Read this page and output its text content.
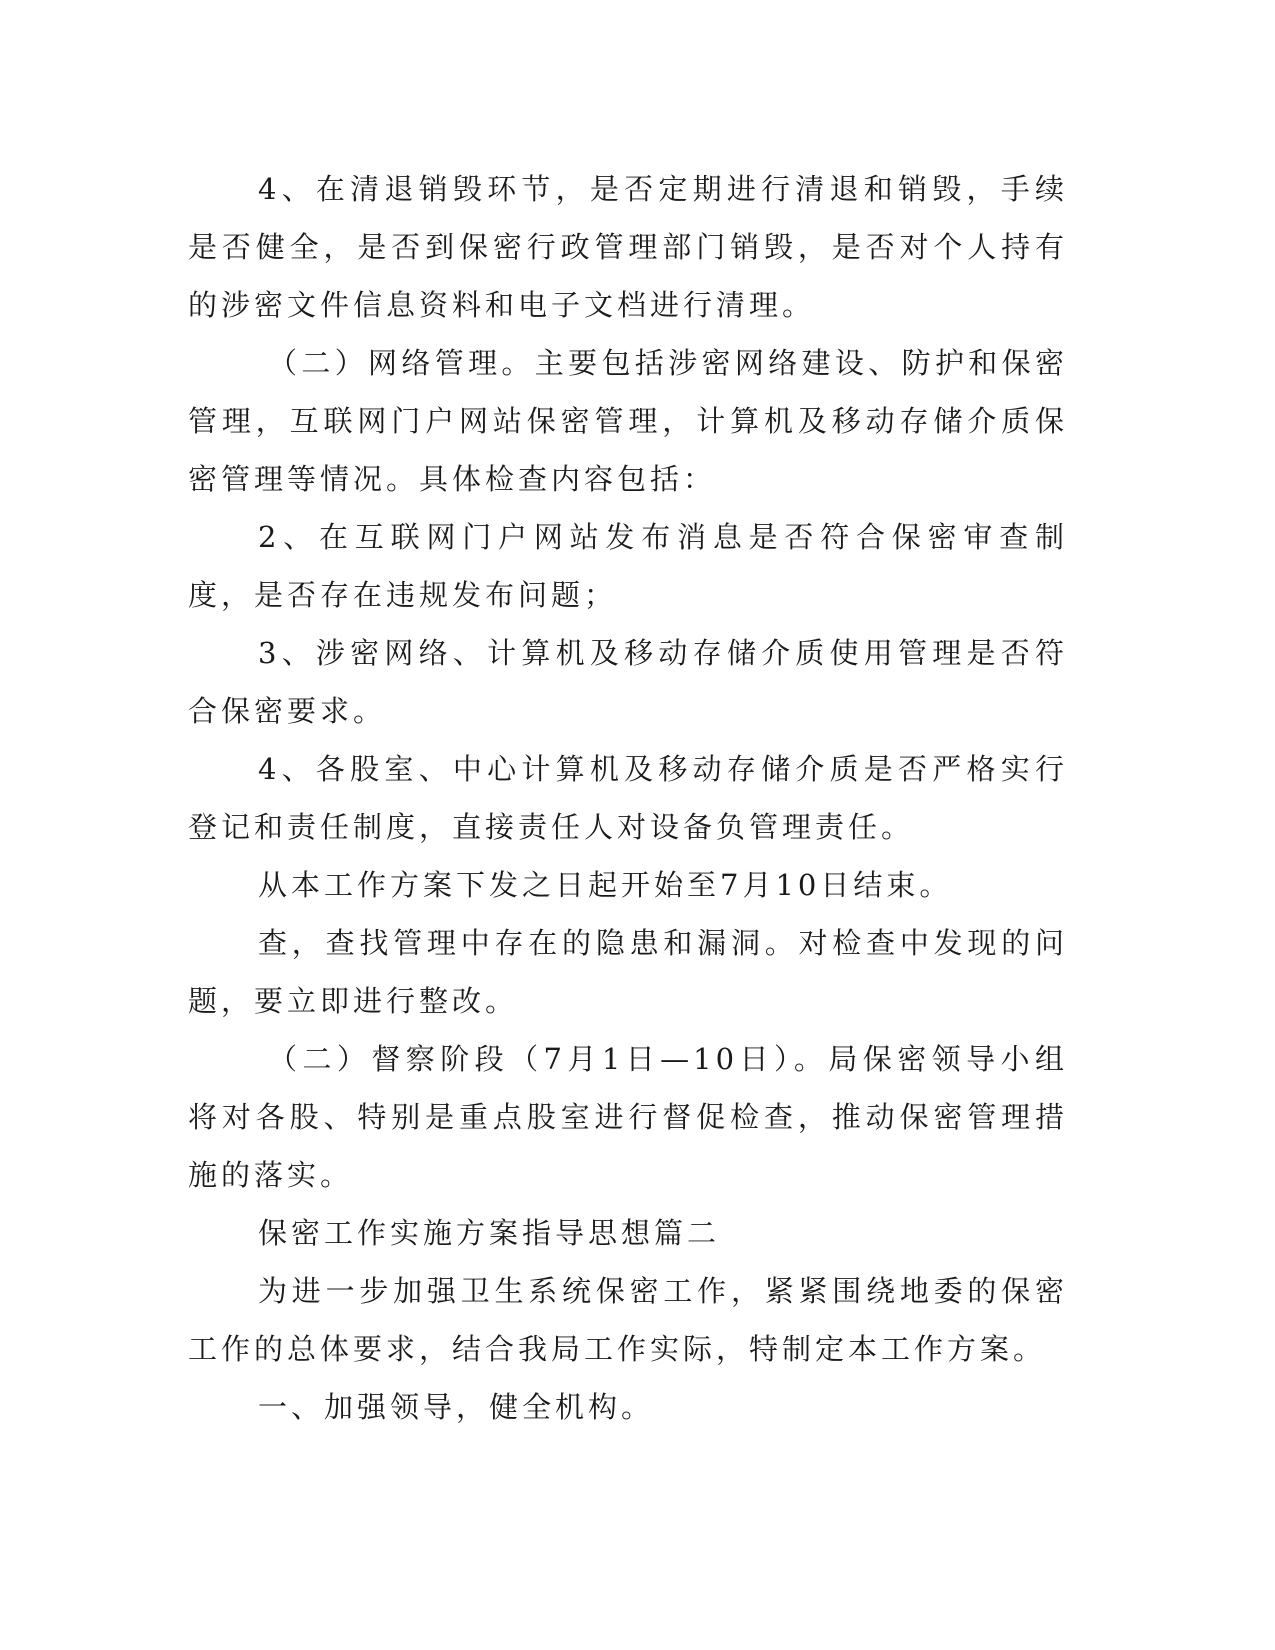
4、在清退销毁环节，是否定期进行清退和销毁，手续是否健全，是否到保密行政管理部门销毁，是否对个人持有的涉密文件信息资料和电子文档进行清理。

（二）网络管理。主要包括涉密网络建设、防护和保密管理，互联网门户网站保密管理，计算机及移动存储介质保密管理等情况。具体检查内容包括：

2、在互联网门户网站发布消息是否符合保密审查制度，是否存在违规发布问题；

3、涉密网络、计算机及移动存储介质使用管理是否符合保密要求。

4、各股室、中心计算机及移动存储介质是否严格实行登记和责任制度，直接责任人对设备负管理责任。

从本工作方案下发之日起开始至7月10日结束。

查，查找管理中存在的隐患和漏洞。对检查中发现的问题，要立即进行整改。

（二）督察阶段（7月1日—10日）。局保密领导小组将对各股、特别是重点股室进行督促检查，推动保密管理措施的落实。

保密工作实施方案指导思想篇二

为进一步加强卫生系统保密工作，紧紧围绕地委的保密工作的总体要求，结合我局工作实际，特制定本工作方案。

一、加强领导，健全机构。
